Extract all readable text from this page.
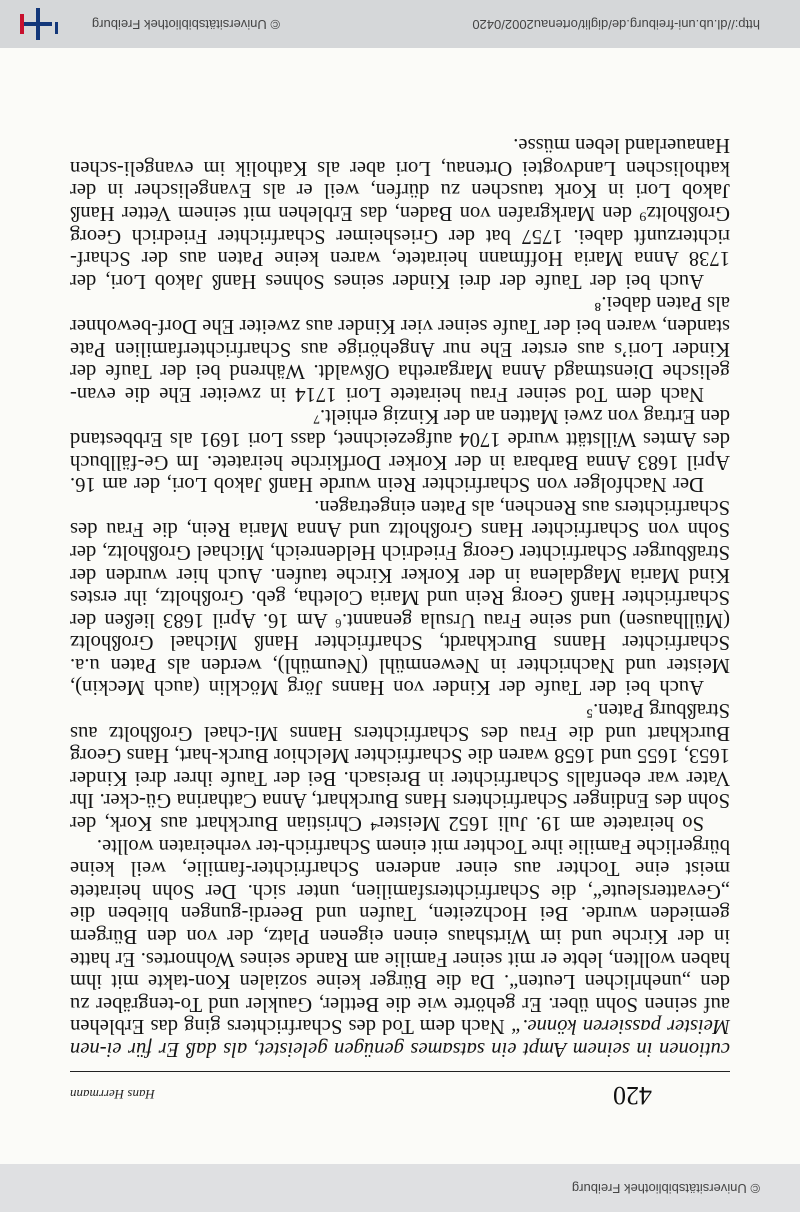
© Universitätsbibliothek Freiburg
420
Hans Herrmann

cutionen in seinem Ampt ein satsames genügen geleistet, als daß Er für ei-nen Meister passieren könne.“ Nach dem Tod des Scharfrichters ging das Erblehen auf seinen Sohn über. Er gehörte wie die Bettler, Gaukler und To-tengräber zu den „unehrlichen Leuten“. Da die Bürger keine sozialen Kon-takte mit ihm haben wollten, lebte er mit seiner Familie am Rande seines Wohnortes. Er hatte in der Kirche und im Wirtshaus einen eigenen Platz, der von den Bürgern gemieden wurde. Bei Hochzeiten, Taufen und Beerdi-gungen blieben die „Gevattersleute“, die Scharfrichtersfamilien, unter sich. Der Sohn heiratete meist eine Tochter aus einer anderen Scharfrichter-familie, weil keine bürgerliche Familie ihre Tochter mit einem Scharfrich-ter verheiraten wollte.

So heiratete am 19. Juli 1652 Meister⁴ Christian Burckhart aus Kork, der Sohn des Endinger Scharfrichters Hans Burckhart, Anna Catharina Gü-cker. Ihr Vater war ebenfalls Scharfrichter in Breisach. Bei der Taufe ihrer drei Kinder 1653, 1655 und 1658 waren die Scharfrichter Melchior Burck-hart, Hans Georg Burckhart und die Frau des Scharfrichters Hanns Mi-chael Großholtz aus Straßburg Paten.⁵

Auch bei der Taufe der Kinder von Hanns Jörg Möcklin (auch Meckin), Meister und Nachrichter in Newenmühl (Neumühl), werden als Paten u.a. Scharfrichter Hanns Burckhardt, Scharfrichter Hanß Michael Großholtz (Müllhausen) und seine Frau Ursula genannt.⁶ Am 16. April 1683 ließen der Scharfrichter Hanß Georg Rein und Maria Coletha, geb. Großholtz, ihr erstes Kind Maria Magdalena in der Korker Kirche taufen. Auch hier wurden der Straßburger Scharfrichter Georg Friedrich Heldenreich, Michael Großholtz, der Sohn von Scharfrichter Hans Großholtz und Anna Maria Rein, die Frau des Scharfrichters aus Renchen, als Paten eingetragen.

Der Nachfolger von Scharfrichter Rein wurde Hanß Jakob Lori, der am 16. April 1683 Anna Barbara in der Korker Dorfkirche heiratete. Im Ge-fällbuch des Amtes Willstätt wurde 1704 aufgezeichnet, dass Lori 1691 als Erbbestand den Ertrag von zwei Matten an der Kinzig erhielt.⁷

Nach dem Tod seiner Frau heiratete Lori 1714 in zweiter Ehe die evan-gelische Dienstmagd Anna Margaretha Oßwaldt. Während bei der Taufe der Kinder Lori’s aus erster Ehe nur Angehörige aus Scharfrichterfamilien Pate standen, waren bei der Taufe seiner vier Kinder aus zweiter Ehe Dorf-bewohner als Paten dabei.⁸

Auch bei der Taufe der drei Kinder seines Sohnes Hanß Jakob Lori, der 1738 Anna Maria Hoffmann heiratete, waren keine Paten aus der Scharf-richterzunft dabei. 1757 bat der Griesheimer Scharfrichter Friedrich Georg Großholtz⁹ den Markgrafen von Baden, das Erblehen mit seinem Vetter Hanß Jakob Lori in Kork tauschen zu dürfen, weil er als Evangelischer in der katholischen Landvogtei Ortenau, Lori aber als Katholik im evangeli-schen Hanauerland leben müsse.

http://dl.ub.uni-freiburg.de/diglit/ortenau2002/0420
© Universitätsbibliothek Freiburg
